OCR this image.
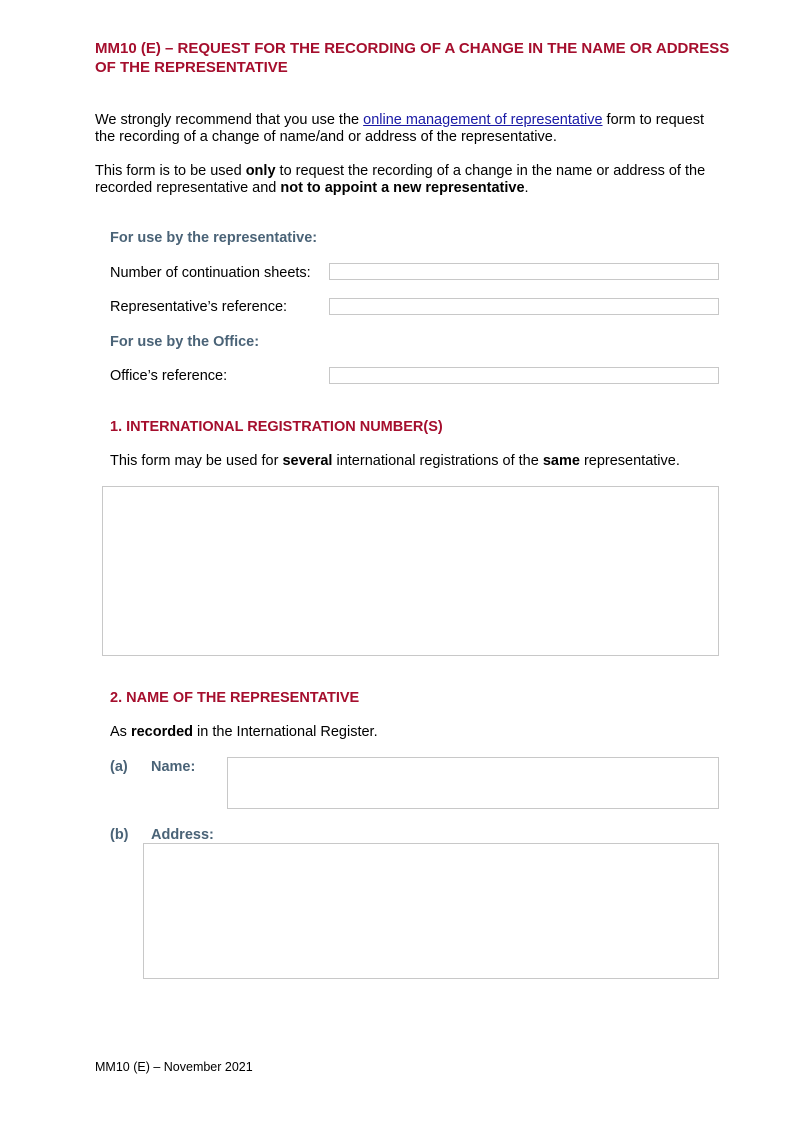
MM10 (E) – REQUEST FOR THE RECORDING OF A CHANGE IN THE NAME OR ADDRESS OF THE REPRESENTATIVE

We strongly recommend that you use the online management of representative form to request the recording of a change of name/and or address of the representative.

This form is to be used only to request the recording of a change in the name or address of the recorded representative and not to appoint a new representative.

For use by the representative:
Number of continuation sheets:
Representative’s reference:
For use by the Office:
Office’s reference:
1. INTERNATIONAL REGISTRATION NUMBER(S)
This form may be used for several international registrations of the same representative.
2. NAME OF THE REPRESENTATIVE
As recorded in the International Register.
(a) Name:
(b) Address:
MM10 (E) – November 2021
